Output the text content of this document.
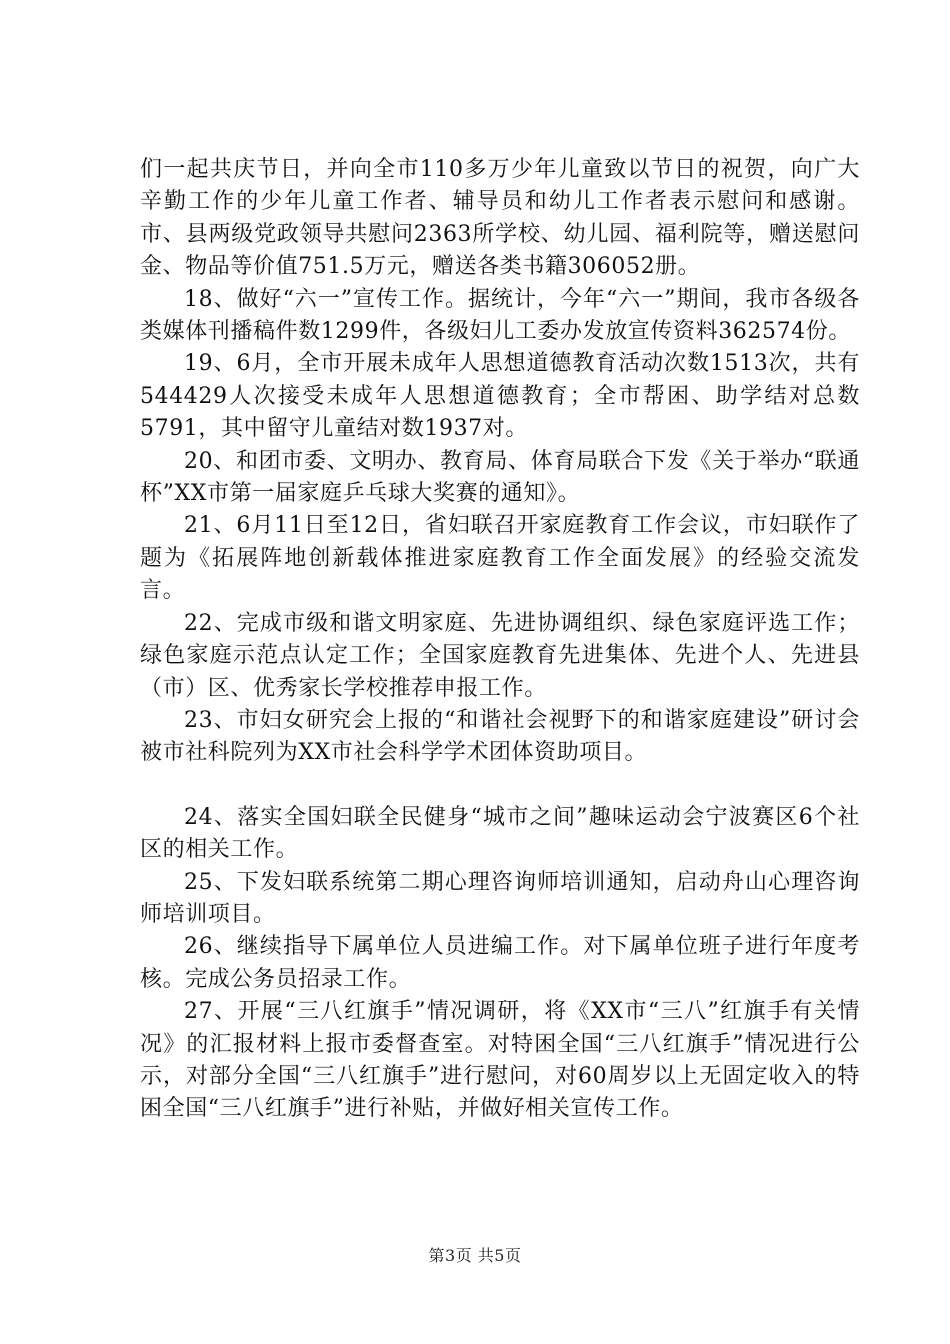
们一起共庆节日，并向全市110多万少年儿童致以节日的祝贺，向广大辛勤工作的少年儿童工作者、辅导员和幼儿工作者表示慰问和感谢。市、县两级党政领导共慰问2363所学校、幼儿园、福利院等，赠送慰问金、物品等价值751.5万元，赠送各类书籍306052册。

18、做好“六一”宣传工作。据统计，今年“六一”期间，我市各级各类媒体刊播稿件数1299件，各级妇儿工委办发放宣传资料362574份。

19、6月，全市开展未成年人思想道德教育活动次数1513次，共有544429人次接受未成年人思想道德教育；全市帮困、助学结对总数5791，其中留守儿童结对数1937对。

20、和团市委、文明办、教育局、体育局联合下发《关于举办“联通杯”XX市第一届家庭乒乓球大奖赛的通知》。

21、6月11日至12日，省妇联召开家庭教育工作会议，市妇联作了题为《拓展阵地创新载体推进家庭教育工作全面发展》的经验交流发言。

22、完成市级和谐文明家庭、先进协调组织、绿色家庭评选工作；绿色家庭示范点认定工作；全国家庭教育先进集体、先进个人、先进县（市）区、优秀家长学校推荐申报工作。

23、市妇女研究会上报的“和谐社会视野下的和谐家庭建设”研讨会被市社科院列为XX市社会科学学术团体资助项目。

24、落实全国妇联全民健身“城市之间”趣味运动会宁波赛区6个社区的相关工作。

25、下发妇联系统第二期心理咨询师培训通知，启动舟山心理咨询师培训项目。

26、继续指导下属单位人员进编工作。对下属单位班子进行年度考核。完成公务员招录工作。

27、开展“三八红旗手”情况调研，将《XX市“三八”红旗手有关情况》的汇报材料上报市委督查室。对特困全国“三八红旗手”情况进行公示，对部分全国“三八红旗手”进行慰问，对60周岁以上无固定收入的特困全国“三八红旗手”进行补贴，并做好相关宣传工作。

第3页 共5页
